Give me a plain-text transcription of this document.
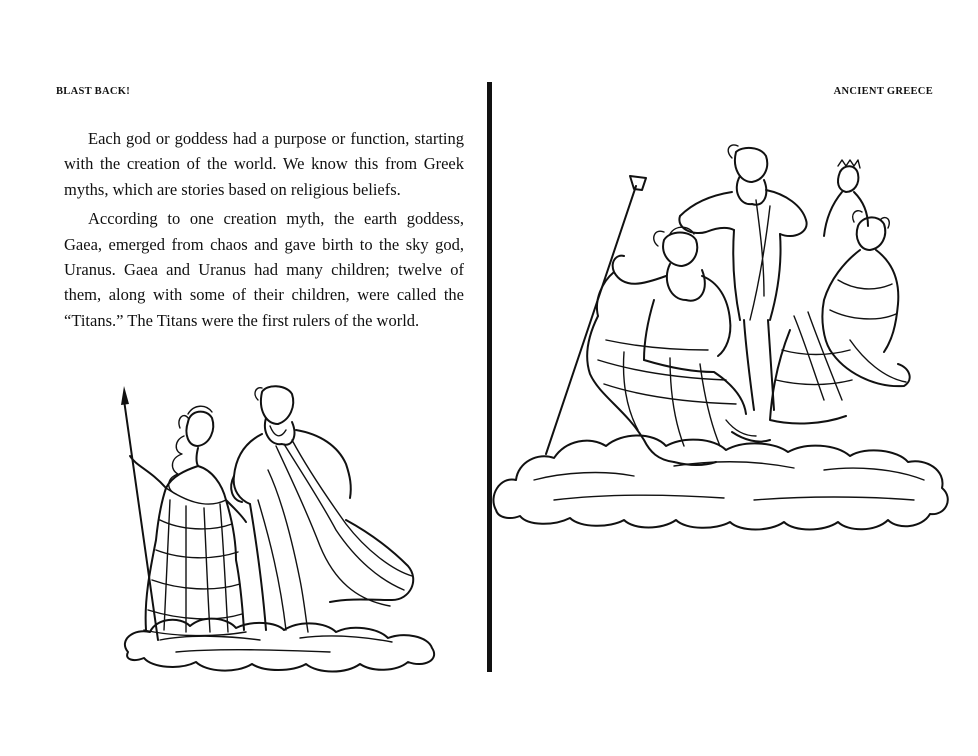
BLAST BACK!

Each god or goddess had a purpose or function, starting with the creation of the world. We know this from Greek myths, which are stories based on religious beliefs.

According to one creation myth, the earth goddess, Gaea, emerged from chaos and gave birth to the sky god, Uranus. Gaea and Uranus had many children; twelve of them, along with some of their children, were called the “Titans.” The Titans were the first rulers of the world.

ANCIENT GREECE
